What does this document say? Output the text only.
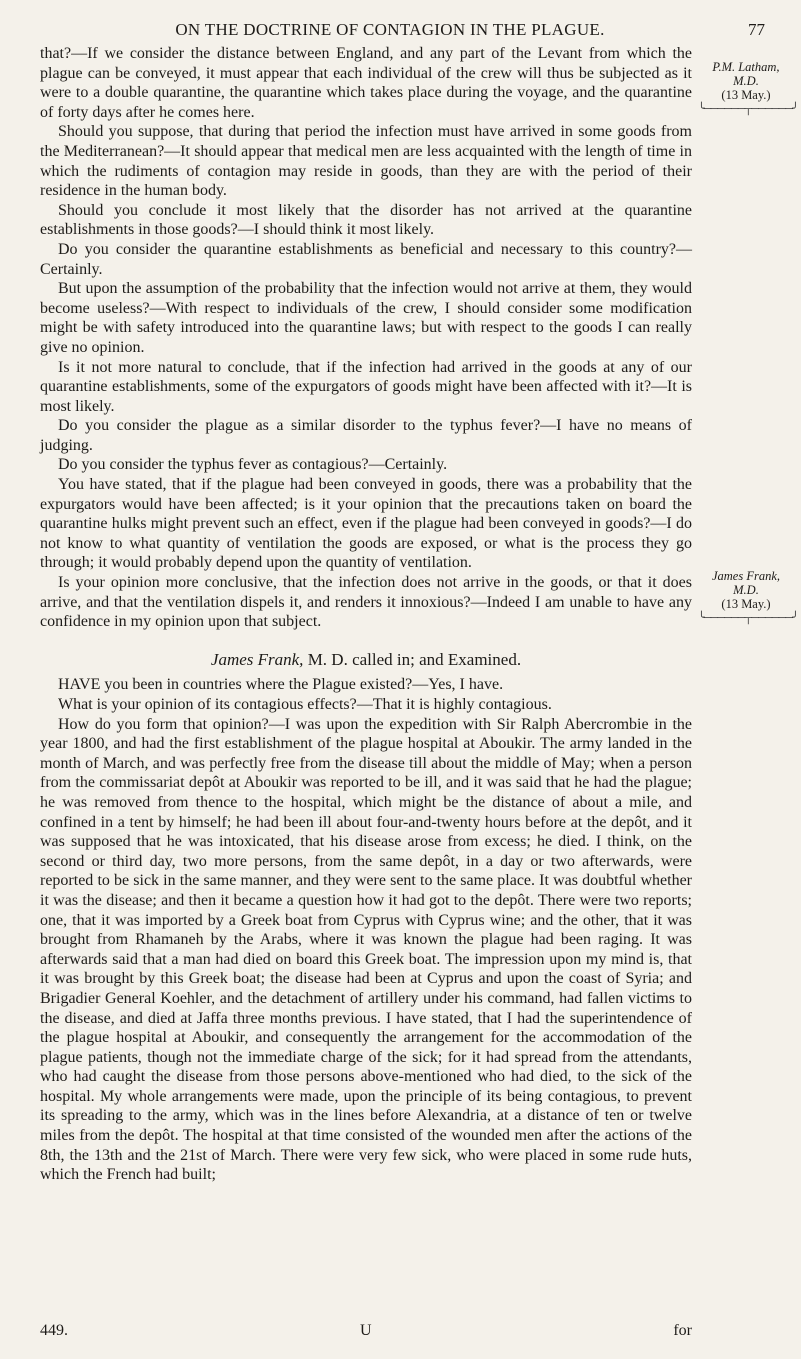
ON THE DOCTRINE OF CONTAGION IN THE PLAGUE.	77
P.M. Latham,
M.D.
(13 May.)
╰──────┬──────╯
James Frank,
M.D.
(13 May.)
╰──────┬──────╯

that?—If we consider the distance between England, and any part of the Levant from which the plague can be conveyed, it must appear that each individual of the crew will thus be subjected as it were to a double quarantine, the quarantine which takes place during the voyage, and the quarantine of forty days after he comes here.

Should you suppose, that during that period the infection must have arrived in some goods from the Mediterranean?—It should appear that medical men are less acquainted with the length of time in which the rudiments of contagion may reside in goods, than they are with the period of their residence in the human body.

Should you conclude it most likely that the disorder has not arrived at the quarantine establishments in those goods?—I should think it most likely.

Do you consider the quarantine establishments as beneficial and necessary to this country?—Certainly.

But upon the assumption of the probability that the infection would not arrive at them, they would become useless?—With respect to individuals of the crew, I should consider some modification might be with safety introduced into the quarantine laws; but with respect to the goods I can really give no opinion.

Is it not more natural to conclude, that if the infection had arrived in the goods at any of our quarantine establishments, some of the expurgators of goods might have been affected with it?—It is most likely.

Do you consider the plague as a similar disorder to the typhus fever?—I have no means of judging.

Do you consider the typhus fever as contagious?—Certainly.

You have stated, that if the plague had been conveyed in goods, there was a probability that the expurgators would have been affected; is it your opinion that the precautions taken on board the quarantine hulks might prevent such an effect, even if the plague had been conveyed in goods?—I do not know to what quantity of ventilation the goods are exposed, or what is the process they go through; it would probably depend upon the quantity of ventilation.

Is your opinion more conclusive, that the infection does not arrive in the goods, or that it does arrive, and that the ventilation dispels it, and renders it innoxious?—Indeed I am unable to have any confidence in my opinion upon that subject.

James Frank, M. D. called in; and Examined.

HAVE you been in countries where the Plague existed?—Yes, I have.

What is your opinion of its contagious effects?—That it is highly contagious.

How do you form that opinion?—I was upon the expedition with Sir Ralph Abercrombie in the year 1800, and had the first establishment of the plague hospital at Aboukir. The army landed in the month of March, and was perfectly free from the disease till about the middle of May; when a person from the commissariat depôt at Aboukir was reported to be ill, and it was said that he had the plague; he was removed from thence to the hospital, which might be the distance of about a mile, and confined in a tent by himself; he had been ill about four-and-twenty hours before at the depôt, and it was supposed that he was intoxicated, that his disease arose from excess; he died. I think, on the second or third day, two more persons, from the same depôt, in a day or two afterwards, were reported to be sick in the same manner, and they were sent to the same place. It was doubtful whether it was the disease; and then it became a question how it had got to the depôt. There were two reports; one, that it was imported by a Greek boat from Cyprus with Cyprus wine; and the other, that it was brought from Rhamaneh by the Arabs, where it was known the plague had been raging. It was afterwards said that a man had died on board this Greek boat. The impression upon my mind is, that it was brought by this Greek boat; the disease had been at Cyprus and upon the coast of Syria; and Brigadier General Koehler, and the detachment of artillery under his command, had fallen victims to the disease, and died at Jaffa three months previous. I have stated, that I had the superintendence of the plague hospital at Aboukir, and consequently the arrangement for the accommodation of the plague patients, though not the immediate charge of the sick; for it had spread from the attendants, who had caught the disease from those persons above-mentioned who had died, to the sick of the hospital. My whole arrangements were made, upon the principle of its being contagious, to prevent its spreading to the army, which was in the lines before Alexandria, at a distance of ten or twelve miles from the depôt. The hospital at that time consisted of the wounded men after the actions of the 8th, the 13th and the 21st of March. There were very few sick, who were placed in some rude huts, which the French had built;

449.	U	for
